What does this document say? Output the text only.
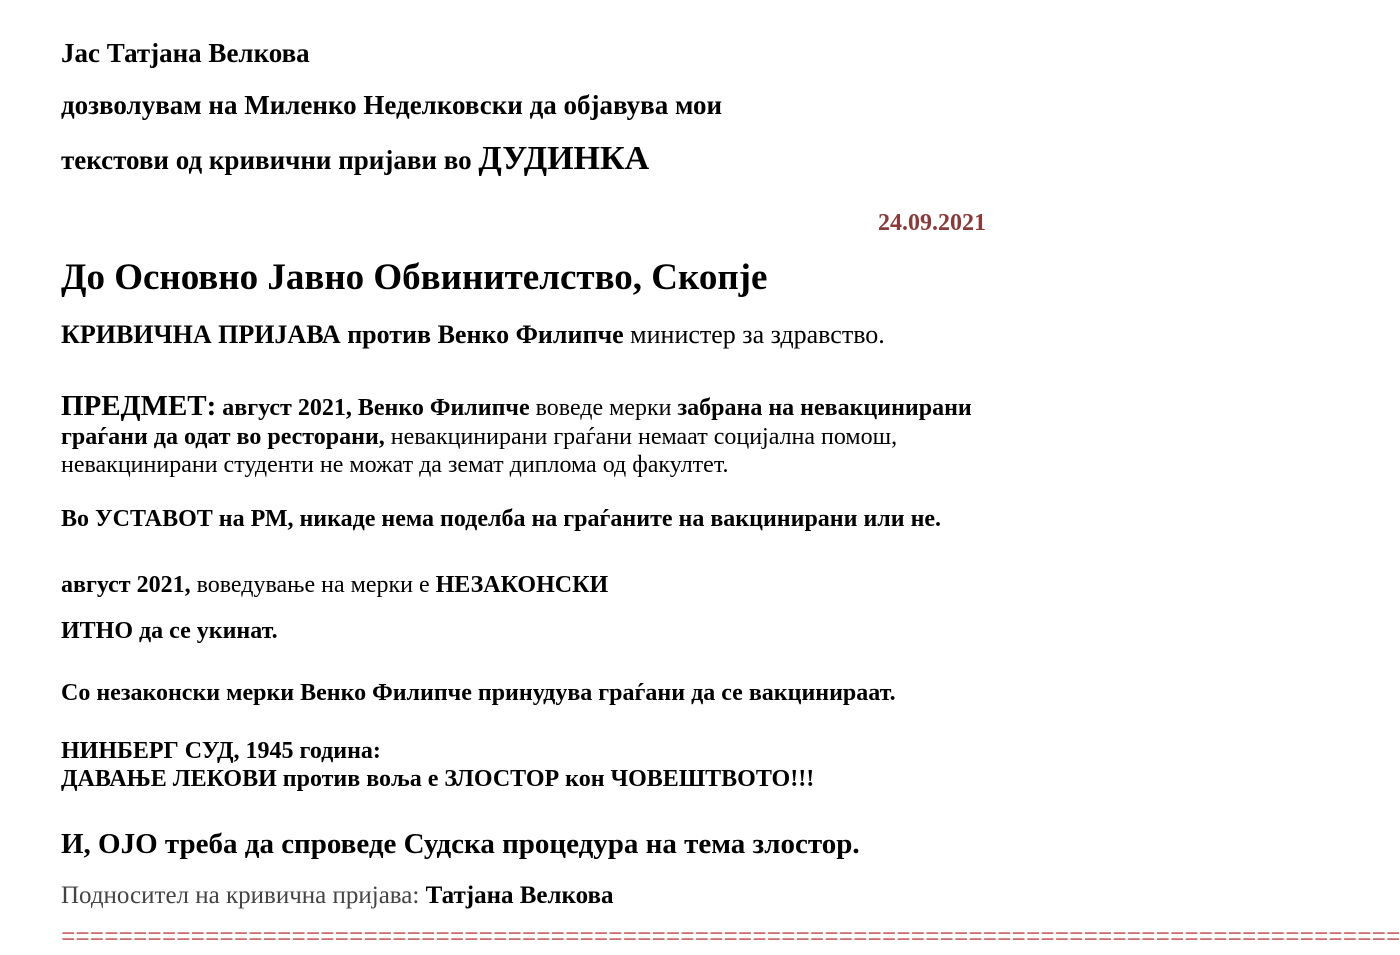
Јас Татјана Велкова
дозволувам на Миленко Неделковски да објавува мои
текстови од кривични пријави во ДУДИНКА
24.09.2021
До Основно Јавно Обвинителство, Скопје
КРИВИЧНА ПРИЈАВА против Венко Филипче министер за здравство.
ПРЕДМЕТ: август 2021, Венко Филипче воведе мерки забрана на невакцинирани
граѓани да одат во ресторани, невакцинирани граѓани немаат социјална помош,
невакцинирани студенти не можат да земат диплома од факултет.
Во УСТАВОТ на РМ, никаде нема поделба на граѓаните на вакцинирани или не.
август 2021, воведување на мерки е НЕЗАКОНСКИ
ИТНО да се укинат.
Со незаконски мерки Венко Филипче принудува граѓани да се вакцинираат.
НИНБЕРГ СУД, 1945 година:
ДАВАЊЕ ЛЕКОВИ против воља е ЗЛОСТОР кон ЧОВЕШТВОТО!!!
И, ОЈО треба да спроведе Судска процедура на тема злостор.
Подносител на кривична пријава: Татјана Велкова
=============================================================================================
